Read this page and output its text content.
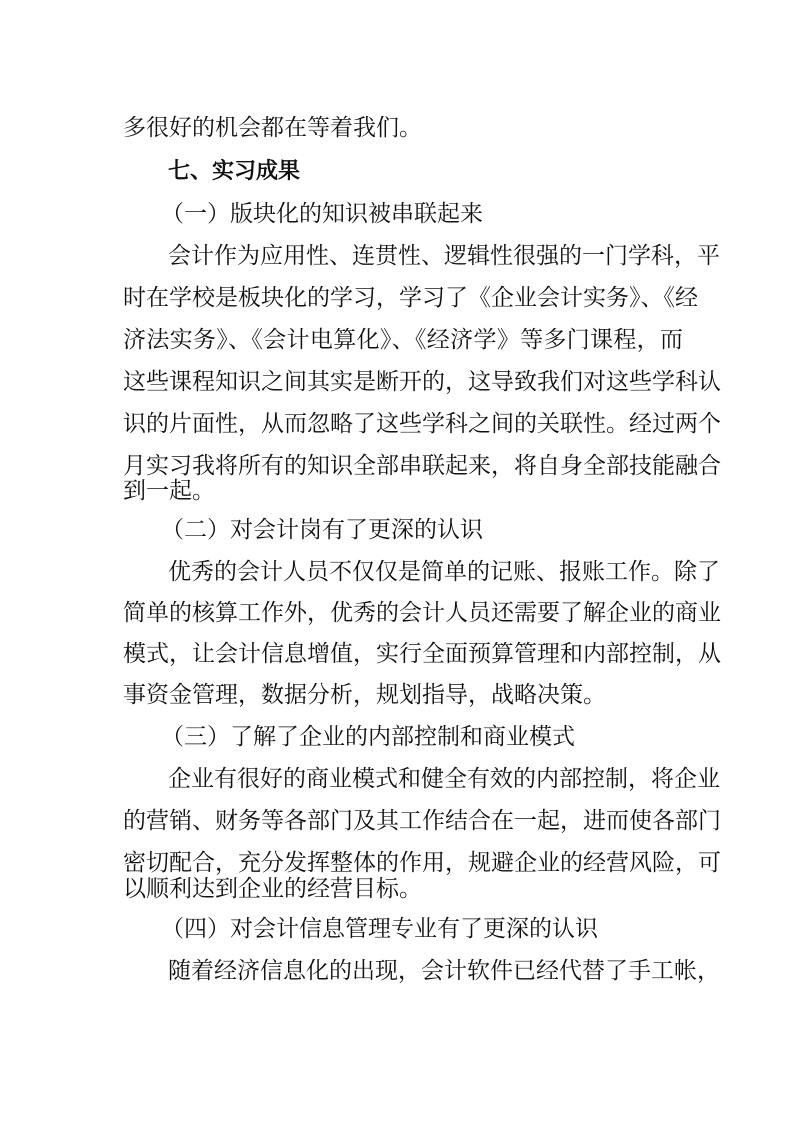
多很好的机会都在等着我们。
七、实习成果
（一）版块化的知识被串联起来
会计作为应用性、连贯性、逻辑性很强的一门学科，平
时在学校是板块化的学习，学习了《企业会计实务》、《经
济法实务》、《会计电算化》、《经济学》等多门课程，而
这些课程知识之间其实是断开的，这导致我们对这些学科认
识的片面性，从而忽略了这些学科之间的关联性。经过两个
月实习我将所有的知识全部串联起来，将自身全部技能融合
到一起。
（二）对会计岗有了更深的认识
优秀的会计人员不仅仅是简单的记账、报账工作。除了
简单的核算工作外，优秀的会计人员还需要了解企业的商业
模式，让会计信息增值，实行全面预算管理和内部控制，从
事资金管理，数据分析，规划指导，战略决策。
（三）了解了企业的内部控制和商业模式
企业有很好的商业模式和健全有效的内部控制，将企业
的营销、财务等各部门及其工作结合在一起，进而使各部门
密切配合，充分发挥整体的作用，规避企业的经营风险，可
以顺利达到企业的经营目标。
（四）对会计信息管理专业有了更深的认识
随着经济信息化的出现，会计软件已经代替了手工帐，
